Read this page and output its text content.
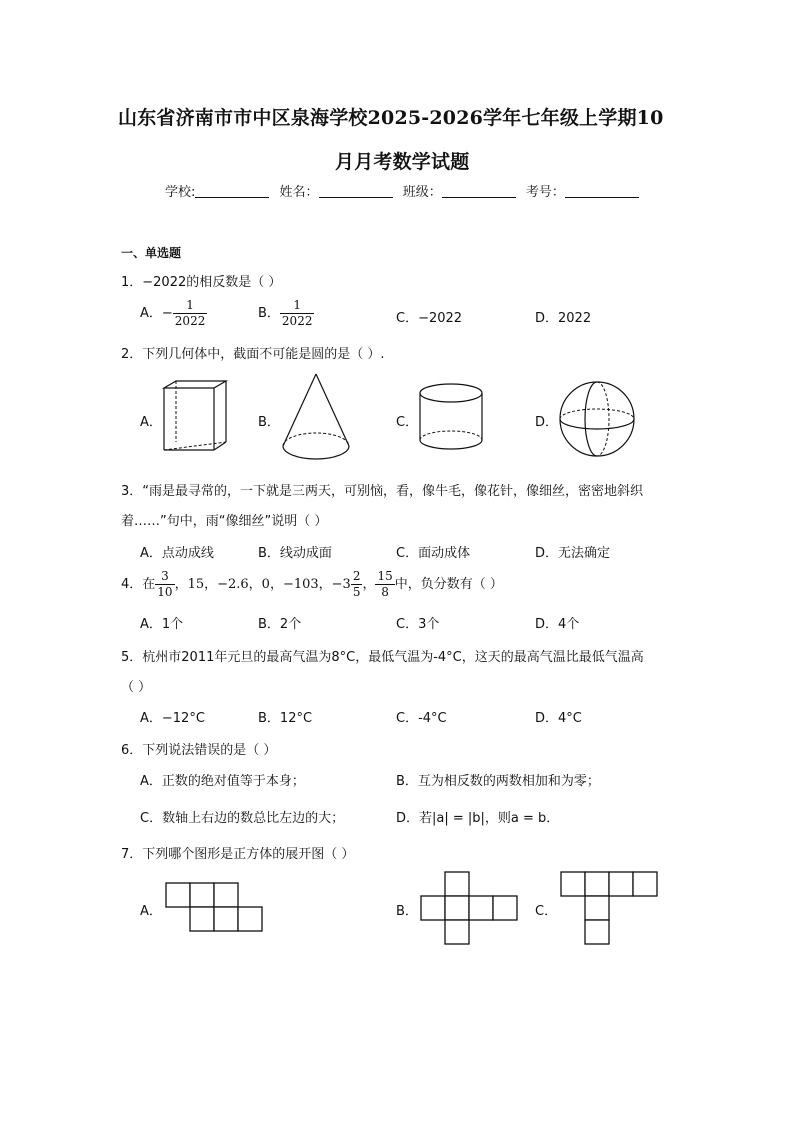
山东省济南市市中区泉海学校2025-2026学年七年级上学期10
月月考数学试题
学校:	姓名：	班级：	考号：
一、单选题
1．−2022的相反数是（ ）
A．− $\frac{1}{2022}$	B． $\frac{1}{2022}$	C．−2022	D．2022
2．下列几何体中，截面不可能是圆的是（ ）.
A．	B．	C．	D．
3．“雨是最寻常的，一下就是三两天，可别恼，看，像牛毛，像花针，像细丝，密密地斜织
着……”句中，雨“像细丝”说明（ ）
A．点动成线	B．线动成面	C．面动成体	D．无法确定
4．在 $\frac{3}{10}$ ，15，−2.6，0，−103，$-3 \frac{2}{5}$ ， $\frac{15}{8}$ 中，负分数有（ ）
A．1个	B．2个	C．3个	D．4个
5．杭州市2011年元旦的最高气温为8°C，最低气温为-4°C，这天的最高气温比最低气温高
（ ）
A．−12°C	B．12°C	C．-4°C	D．4°C
6．下列说法错误的是（ ）
A．正数的绝对值等于本身；	B．互为相反数的两数相加和为零；
C．数轴上右边的数总比左边的大；	D．若|a| = |b|，则a = b．
7．下列哪个图形是正方体的展开图（ ）
A．	B．	C．
